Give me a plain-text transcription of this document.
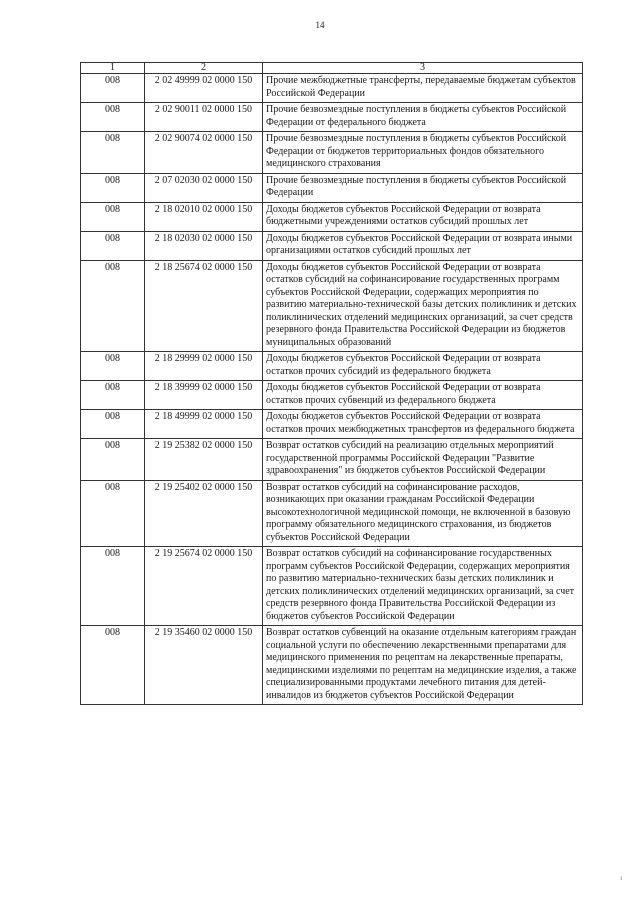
14
1	2	3
008	2 02 49999 02 0000 150	Прочие межбюджетные трансферты, передаваемые бюджетам субъектов Российской Федерации
008	2 02 90011 02 0000 150	Прочие безвозмездные поступления в бюджеты субъектов Российской Федерации от федерального бюджета
008	2 02 90074 02 0000 150	Прочие безвозмездные поступления в бюджеты субъектов Российской Федерации от бюджетов территориальных фондов обязательного медицинского страхования
008	2 07 02030 02 0000 150	Прочие безвозмездные поступления в бюджеты субъектов Российской Федерации
008	2 18 02010 02 0000 150	Доходы бюджетов субъектов Российской Федерации от возврата бюджетными учреждениями остатков субсидий прошлых лет
008	2 18 02030 02 0000 150	Доходы бюджетов субъектов Российской Федерации от возврата иными организациями остатков субсидий прошлых лет
008	2 18 25674 02 0000 150	Доходы бюджетов субъектов Российской Федерации от возврата остатков субсидий на софинансирование государственных программ субъектов Российской Федерации, содержащих мероприятия по развитию материально-технической базы детских поликлиник и детских поликлинических отделений медицинских организаций, за счет средств резервного фонда Правительства Российской Федерации из бюджетов муниципальных образований
008	2 18 29999 02 0000 150	Доходы бюджетов субъектов Российской Федерации от возврата остатков прочих субсидий из федерального бюджета
008	2 18 39999 02 0000 150	Доходы бюджетов субъектов Российской Федерации от возврата остатков прочих субвенций из федерального бюджета
008	2 18 49999 02 0000 150	Доходы бюджетов субъектов Российской Федерации от возврата остатков прочих межбюджетных трансфертов из федерального бюджета
008	2 19 25382 02 0000 150	Возврат остатков субсидий на реализацию отдельных мероприятий государственной программы Российской Федерации "Развитие здравоохранения" из бюджетов субъектов Российской Федерации
008	2 19 25402 02 0000 150	Возврат остатков субсидий на софинансирование расходов, возникающих при оказании гражданам Российской Федерации высокотехнологичной медицинской помощи, не включенной в базовую программу обязательного медицинского страхования, из бюджетов субъектов Российской Федерации
008	2 19 25674 02 0000 150	Возврат остатков субсидий на софинансирование государственных программ субъектов Российской Федерации, содержащих мероприятия по развитию материально-технических базы детских поликлиник и детских поликлинических отделений медицинских организаций, за счет средств резервного фонда Правительства Российской Федерации из бюджетов субъектов Российской Федерации
008	2 19 35460 02 0000 150	Возврат остатков субвенций на оказание отдельным категориям граждан социальной услуги по обеспечению лекарственными препаратами для медицинского применения по рецептам на лекарственные препараты, медицинскими изделиями по рецептам на медицинские изделия, а также специализированными продуктами лечебного питания для детей-инвалидов из бюджетов субъектов Российской Федерации
i
